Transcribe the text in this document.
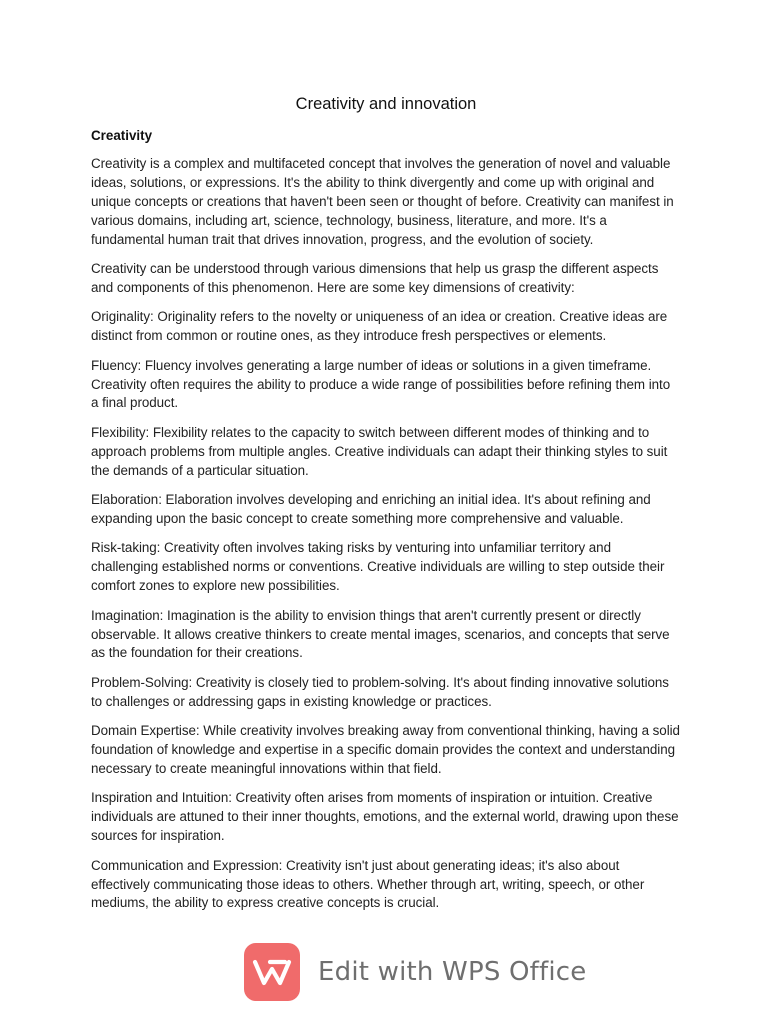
Creativity and innovation
Creativity

Creativity is a complex and multifaceted concept that involves the generation of novel and valuable ideas, solutions, or expressions. It's the ability to think divergently and come up with original and unique concepts or creations that haven't been seen or thought of before. Creativity can manifest in various domains, including art, science, technology, business, literature, and more. It's a fundamental human trait that drives innovation, progress, and the evolution of society.

Creativity can be understood through various dimensions that help us grasp the different aspects and components of this phenomenon. Here are some key dimensions of creativity:

Originality: Originality refers to the novelty or uniqueness of an idea or creation. Creative ideas are distinct from common or routine ones, as they introduce fresh perspectives or elements.

Fluency: Fluency involves generating a large number of ideas or solutions in a given timeframe. Creativity often requires the ability to produce a wide range of possibilities before refining them into a final product.

Flexibility: Flexibility relates to the capacity to switch between different modes of thinking and to approach problems from multiple angles. Creative individuals can adapt their thinking styles to suit the demands of a particular situation.

Elaboration: Elaboration involves developing and enriching an initial idea. It's about refining and expanding upon the basic concept to create something more comprehensive and valuable.

Risk-taking: Creativity often involves taking risks by venturing into unfamiliar territory and challenging established norms or conventions. Creative individuals are willing to step outside their comfort zones to explore new possibilities.

Imagination: Imagination is the ability to envision things that aren't currently present or directly observable. It allows creative thinkers to create mental images, scenarios, and concepts that serve as the foundation for their creations.

Problem-Solving: Creativity is closely tied to problem-solving. It's about finding innovative solutions to challenges or addressing gaps in existing knowledge or practices.

Domain Expertise: While creativity involves breaking away from conventional thinking, having a solid foundation of knowledge and expertise in a specific domain provides the context and understanding necessary to create meaningful innovations within that field.

Inspiration and Intuition: Creativity often arises from moments of inspiration or intuition. Creative individuals are attuned to their inner thoughts, emotions, and the external world, drawing upon these sources for inspiration.

Communication and Expression: Creativity isn't just about generating ideas; it's also about effectively communicating those ideas to others. Whether through art, writing, speech, or other mediums, the ability to express creative concepts is crucial.

Edit with WPS Office
